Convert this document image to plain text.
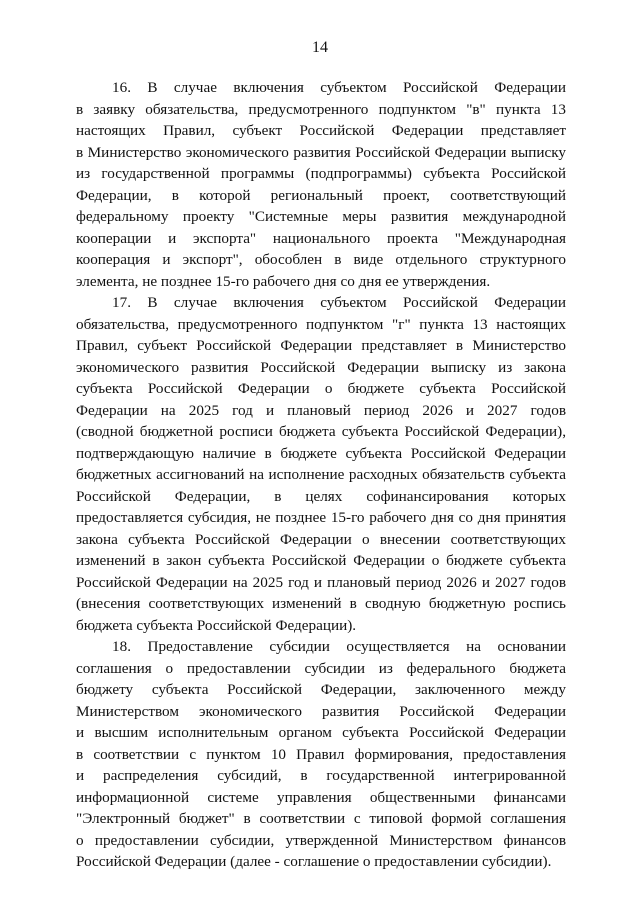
14

16. В случае включения субъектом Российской Федерации
в заявку обязательства, предусмотренного подпунктом "в" пункта 13
настоящих Правил, субъект Российской Федерации представляет
в Министерство экономического развития Российской Федерации выписку
из государственной программы (подпрограммы) субъекта Российской
Федерации, в которой региональный проект, соответствующий
федеральному проекту "Системные меры развития международной
кооперации и экспорта" национального проекта "Международная
кооперация и экспорт", обособлен в виде отдельного структурного
элемента, не позднее 15-го рабочего дня со дня ее утверждения.

17. В случае включения субъектом Российской Федерации
обязательства, предусмотренного подпунктом "г" пункта 13 настоящих
Правил, субъект Российской Федерации представляет в Министерство
экономического развития Российской Федерации выписку из закона
субъекта Российской Федерации о бюджете субъекта Российской
Федерации на 2025 год и плановый период 2026 и 2027 годов
(сводной бюджетной росписи бюджета субъекта Российской Федерации),
подтверждающую наличие в бюджете субъекта Российской Федерации
бюджетных ассигнований на исполнение расходных обязательств субъекта
Российской Федерации, в целях софинансирования которых
предоставляется субсидия, не позднее 15-го рабочего дня со дня принятия
закона субъекта Российской Федерации о внесении соответствующих
изменений в закон субъекта Российской Федерации о бюджете субъекта
Российской Федерации на 2025 год и плановый период 2026 и 2027 годов
(внесения соответствующих изменений в сводную бюджетную роспись
бюджета субъекта Российской Федерации).

18. Предоставление субсидии осуществляется на основании
соглашения о предоставлении субсидии из федерального бюджета
бюджету субъекта Российской Федерации, заключенного между
Министерством экономического развития Российской Федерации
и высшим исполнительным органом субъекта Российской Федерации
в соответствии с пунктом 10 Правил формирования, предоставления
и распределения субсидий, в государственной интегрированной
информационной системе управления общественными финансами
"Электронный бюджет" в соответствии с типовой формой соглашения
о предоставлении субсидии, утвержденной Министерством финансов
Российской Федерации (далее - соглашение о предоставлении субсидии).
